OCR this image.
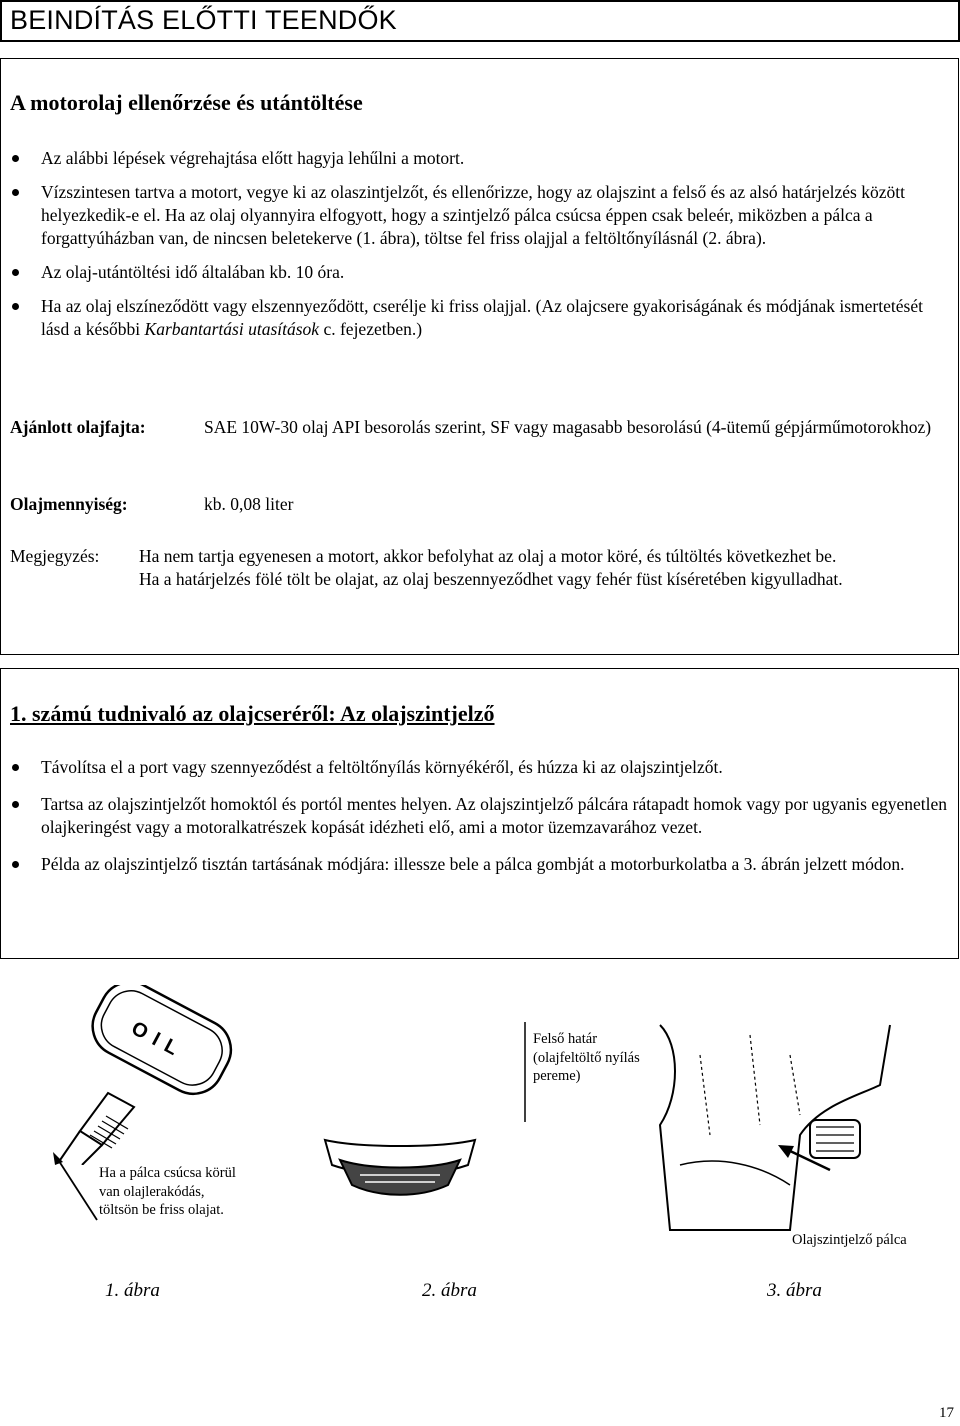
BEINDÍTÁS ELŐTTI TEENDŐK
A motorolaj ellenőrzése és utántöltése
Az alábbi lépések végrehajtása előtt hagyja lehűlni a motort.
Vízszintesen tartva a motort, vegye ki az olaszintjelzőt, és ellenőrizze, hogy az olajszint a felső és az alsó határjelzés között helyezkedik-e el. Ha az olaj olyannyira elfogyott, hogy a szintjelző pálca csúcsa éppen csak beleér, miközben a pálca a forgattyúházban van, de nincsen beletekerve (1. ábra), töltse fel friss olajjal a feltöltőnyílásnál (2. ábra).
Az olaj-utántöltési idő általában kb. 10 óra.
Ha az olaj elszíneződött vagy elszennyeződött, cserélje ki friss olajjal. (Az olajcsere gyakoriságának és módjának ismertetését lásd a későbbi Karbantartási utasítások c. fejezetben.)
Ajánlott olajfajta:	SAE 10W-30 olaj API besorolás szerint, SF vagy magasabb besorolású (4-ütemű gépjárműmotorokhoz)
Olajmennyiség:	kb. 0,08 liter
Megjegyzés: Ha nem tartja egyenesen a motort, akkor befolyhat az olaj a motor köré, és túltöltés következhet be.
Ha a határjelzés fölé tölt be olajat, az olaj beszennyeződhet vagy fehér füst kíséretében kigyulladhat.
1. számú tudnivaló az olajcseréről: Az olajszintjelző
Távolítsa el a port vagy szennyeződést a feltöltőnyílás környékéről, és húzza ki az olajszintjelzőt.
Tartsa az olajszintjelzőt homoktól és portól mentes helyen. Az olajszintjelző pálcára rátapadt homok vagy por ugyanis egyenetlen olajkeringést vagy a motoralkatrészek kopását idézheti elő, ami a motor üzemzavarához vezet.
Példa az olajszintjelző tisztán tartásának módjára: illessze bele a pálca gombját a motorburkolatba a 3. ábrán jelzett módon.
OIL
Ha a pálca csúcsa körül van olajlerakódás, töltsön be friss olajat.
Felső határ (olajfeltöltő nyílás pereme)
Olajszintjelző pálca
1. ábra	2. ábra	3. ábra
17
